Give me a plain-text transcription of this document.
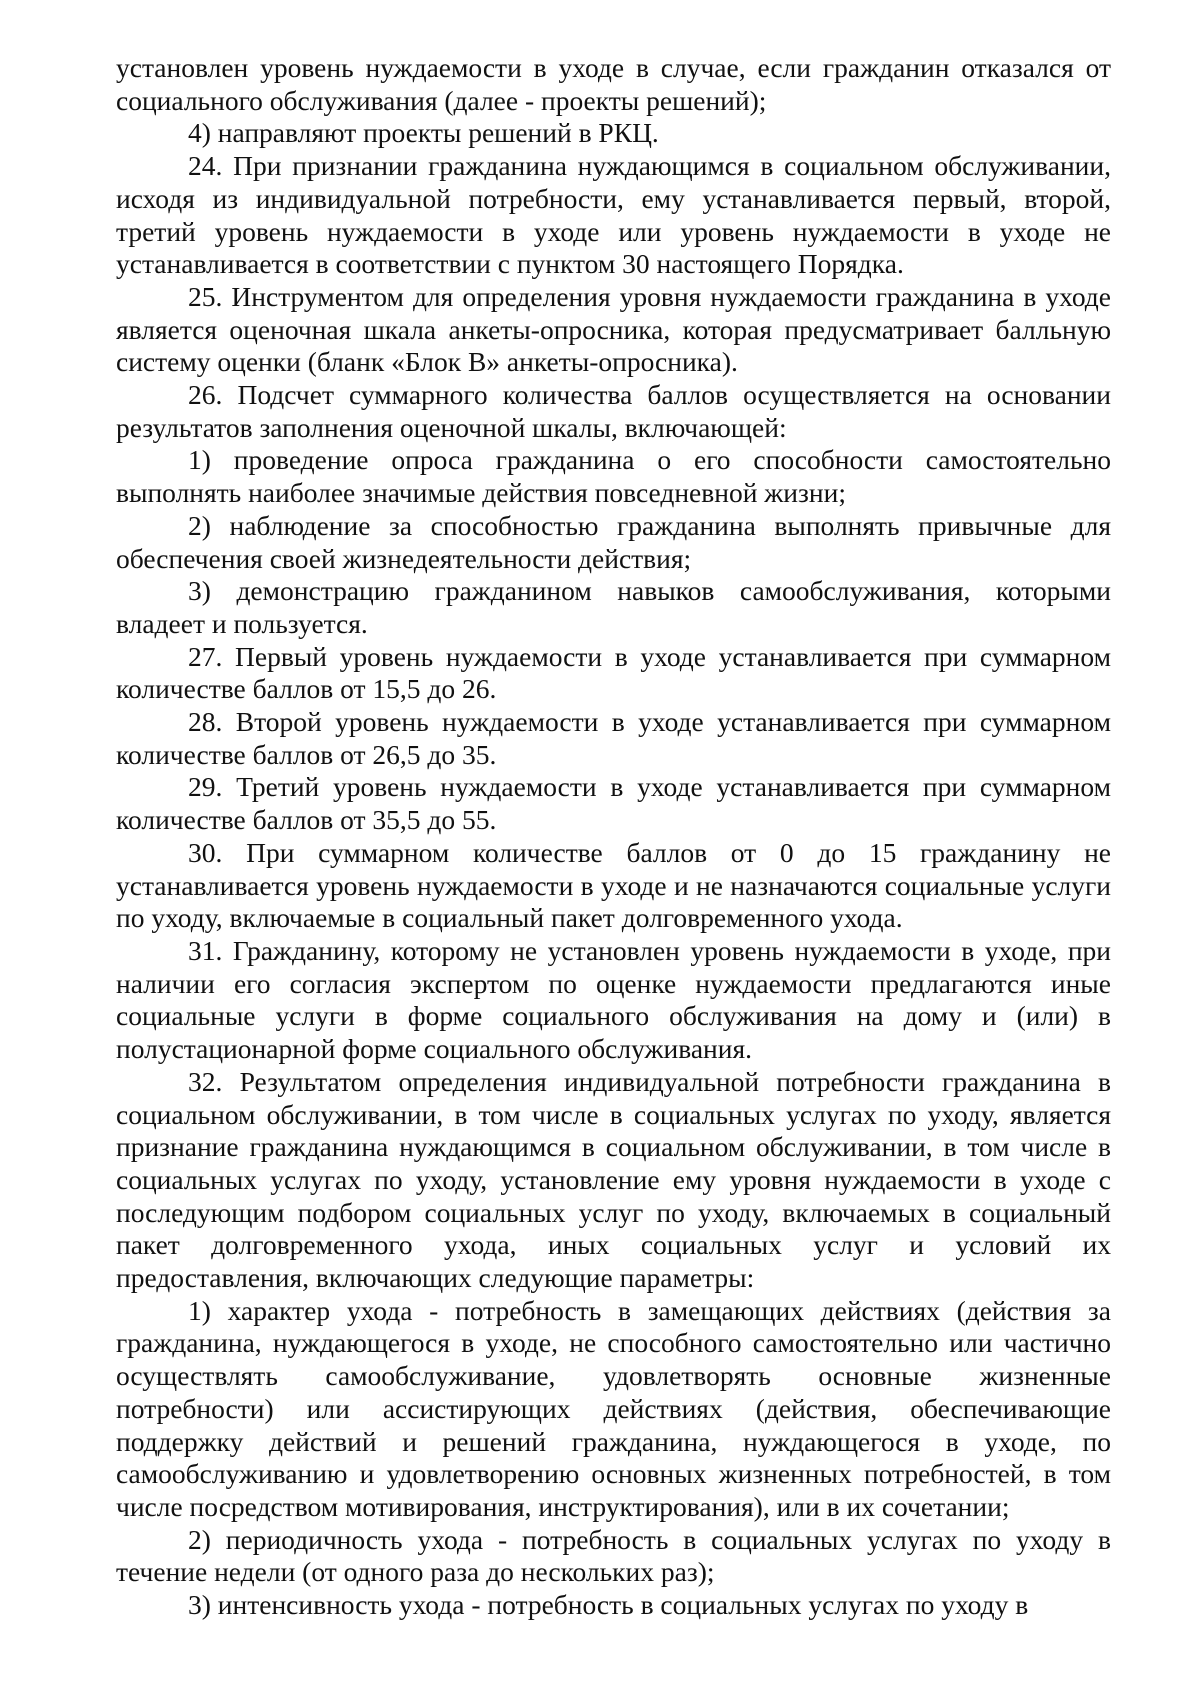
установлен уровень нуждаемости в уходе в случае, если гражданин отказался от социального обслуживания (далее - проекты решений);

4) направляют проекты решений в РКЦ.

24. При признании гражданина нуждающимся в социальном обслуживании, исходя из индивидуальной потребности, ему устанавливается первый, второй, третий уровень нуждаемости в уходе или уровень нуждаемости в уходе не устанавливается в соответствии с пунктом 30 настоящего Порядка.

25. Инструментом для определения уровня нуждаемости гражданина в уходе является оценочная шкала анкеты-опросника, которая предусматривает балльную систему оценки (бланк «Блок В» анкеты-опросника).

26. Подсчет суммарного количества баллов осуществляется на основании результатов заполнения оценочной шкалы, включающей:

1) проведение опроса гражданина о его способности самостоятельно выполнять наиболее значимые действия повседневной жизни;

2) наблюдение за способностью гражданина выполнять привычные для обеспечения своей жизнедеятельности действия;

3) демонстрацию гражданином навыков самообслуживания, которыми владеет и пользуется.

27. Первый уровень нуждаемости в уходе устанавливается при суммарном количестве баллов от 15,5 до 26.

28. Второй уровень нуждаемости в уходе устанавливается при суммарном количестве баллов от 26,5 до 35.

29. Третий уровень нуждаемости в уходе устанавливается при суммарном количестве баллов от 35,5 до 55.

30. При суммарном количестве баллов от 0 до 15 гражданину не устанавливается уровень нуждаемости в уходе и не назначаются социальные услуги по уходу, включаемые в социальный пакет долговременного ухода.

31. Гражданину, которому не установлен уровень нуждаемости в уходе, при наличии его согласия экспертом по оценке нуждаемости предлагаются иные социальные услуги в форме социального обслуживания на дому и (или) в полустационарной форме социального обслуживания.

32. Результатом определения индивидуальной потребности гражданина в социальном обслуживании, в том числе в социальных услугах по уходу, является признание гражданина нуждающимся в социальном обслуживании, в том числе в социальных услугах по уходу, установление ему уровня нуждаемости в уходе с последующим подбором социальных услуг по уходу, включаемых в социальный пакет долговременного ухода, иных социальных услуг и условий их предоставления, включающих следующие параметры:

1) характер ухода - потребность в замещающих действиях (действия за гражданина, нуждающегося в уходе, не способного самостоятельно или частично осуществлять самообслуживание, удовлетворять основные жизненные потребности) или ассистирующих действиях (действия, обеспечивающие поддержку действий и решений гражданина, нуждающегося в уходе, по самообслуживанию и удовлетворению основных жизненных потребностей, в том числе посредством мотивирования, инструктирования), или в их сочетании;

2) периодичность ухода - потребность в социальных услугах по уходу в течение недели (от одного раза до нескольких раз);

3) интенсивность ухода - потребность в социальных услугах по уходу в
